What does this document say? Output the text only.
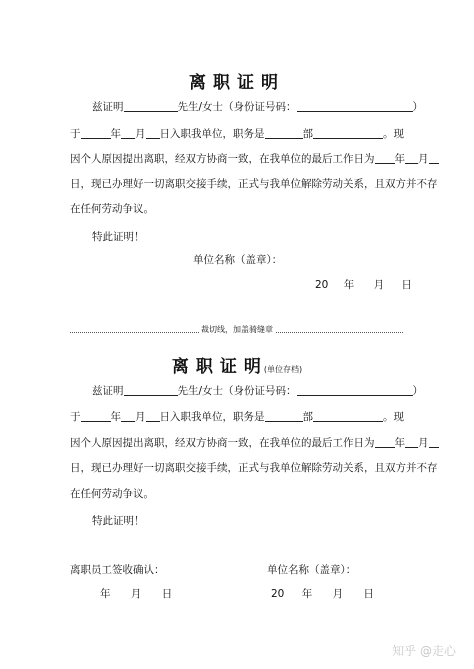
离职证明
兹证明	先生/女士（身份证号码：	）
于	年 月 日入职我单位，职务是	部	。现
因个人原因提出离职，经双方协商一致，在我单位的最后工作日为 年 月
日，现已办理好一切离职交接手续，正式与我单位解除劳动关系，且双方并不存
在任何劳动争议。
特此证明！
单位名称（盖章）：
20 年 月 日
裁切线，加盖骑缝章
离职证明(单位存档)
兹证明	先生/女士（身份证号码：	）
于	年 月 日入职我单位，职务是	部	。现
因个人原因提出离职，经双方协商一致，在我单位的最后工作日为 年 月
日，现已办理好一切离职交接手续，正式与我单位解除劳动关系，且双方并不存
在任何劳动争议。
特此证明！
离职员工签收确认：	单位名称（盖章）：
年 月 日	20 年 月 日
知乎 @走心
